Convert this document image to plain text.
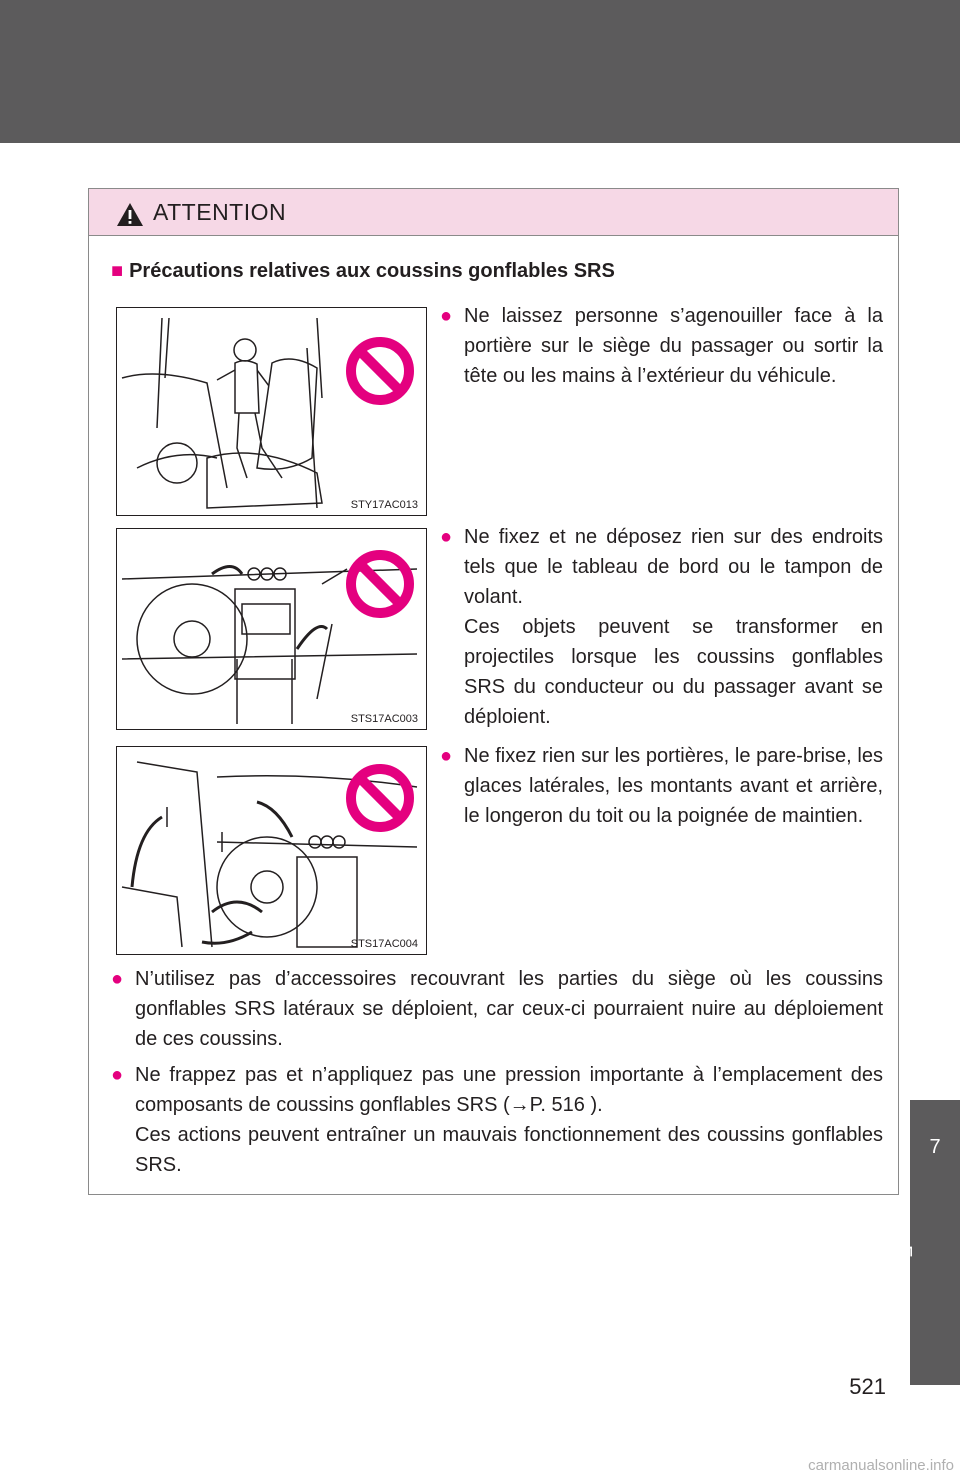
ATTENTION
■ Précautions relatives aux coussins gonflables SRS
STY17AC013
STS17AC003
STS17AC004
● Ne laissez personne s’agenouiller face à la portière sur le siège du passager ou sortir la tête ou les mains à l’extérieur du véhicule.
● Ne fixez et ne déposez rien sur des endroits tels que le tableau de bord ou le tampon de volant.

Ces objets peuvent se transformer en projectiles lorsque les coussins gonflables SRS du conducteur ou du passager avant se déploient.

● Ne fixez rien sur les portières, le pare-brise, les glaces latérales, les montants avant et arrière, le longeron du toit ou la poignée de maintien.
● N’utilisez pas d’accessoires recouvrant les parties du siège où les coussins gonflables SRS latéraux se déploient, car ceux-ci pourraient nuire au déploiement de ces coussins.
● Ne frappez pas et n’appliquez pas une pression importante à l’emplacement des composants de coussins gonflables SRS (→P. 516 ).

Ces actions peuvent entraîner un mauvais fonctionnement des coussins gonflables SRS.

7
For owners
521
carmanualsonline.info
